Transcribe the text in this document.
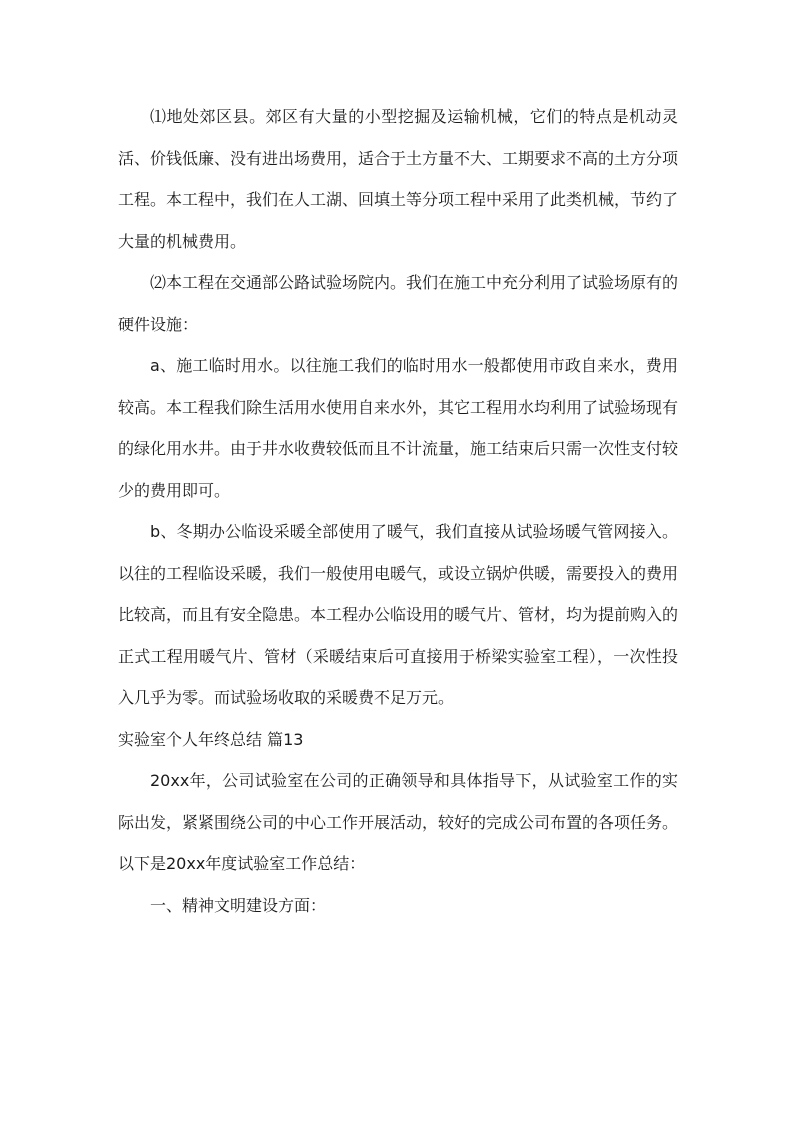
⑴地处郊区县。郊区有大量的小型挖掘及运输机械，它们的特点是机动灵活、价钱低廉、没有进出场费用，适合于土方量不大、工期要求不高的土方分项工程。本工程中，我们在人工湖、回填土等分项工程中采用了此类机械，节约了大量的机械费用。

⑵本工程在交通部公路试验场院内。我们在施工中充分利用了试验场原有的硬件设施：

a、施工临时用水。以往施工我们的临时用水一般都使用市政自来水，费用较高。本工程我们除生活用水使用自来水外，其它工程用水均利用了试验场现有的绿化用水井。由于井水收费较低而且不计流量，施工结束后只需一次性支付较少的费用即可。

b、冬期办公临设采暖全部使用了暖气，我们直接从试验场暖气管网接入。以往的工程临设采暖，我们一般使用电暖气，或设立锅炉供暖，需要投入的费用比较高，而且有安全隐患。本工程办公临设用的暖气片、管材，均为提前购入的正式工程用暖气片、管材（采暖结束后可直接用于桥梁实验室工程），一次性投入几乎为零。而试验场收取的采暖费不足万元。

实验室个人年终总结 篇13

20xx年，公司试验室在公司的正确领导和具体指导下，从试验室工作的实际出发，紧紧围绕公司的中心工作开展活动，较好的完成公司布置的各项任务。以下是20xx年度试验室工作总结：

一、精神文明建设方面：
